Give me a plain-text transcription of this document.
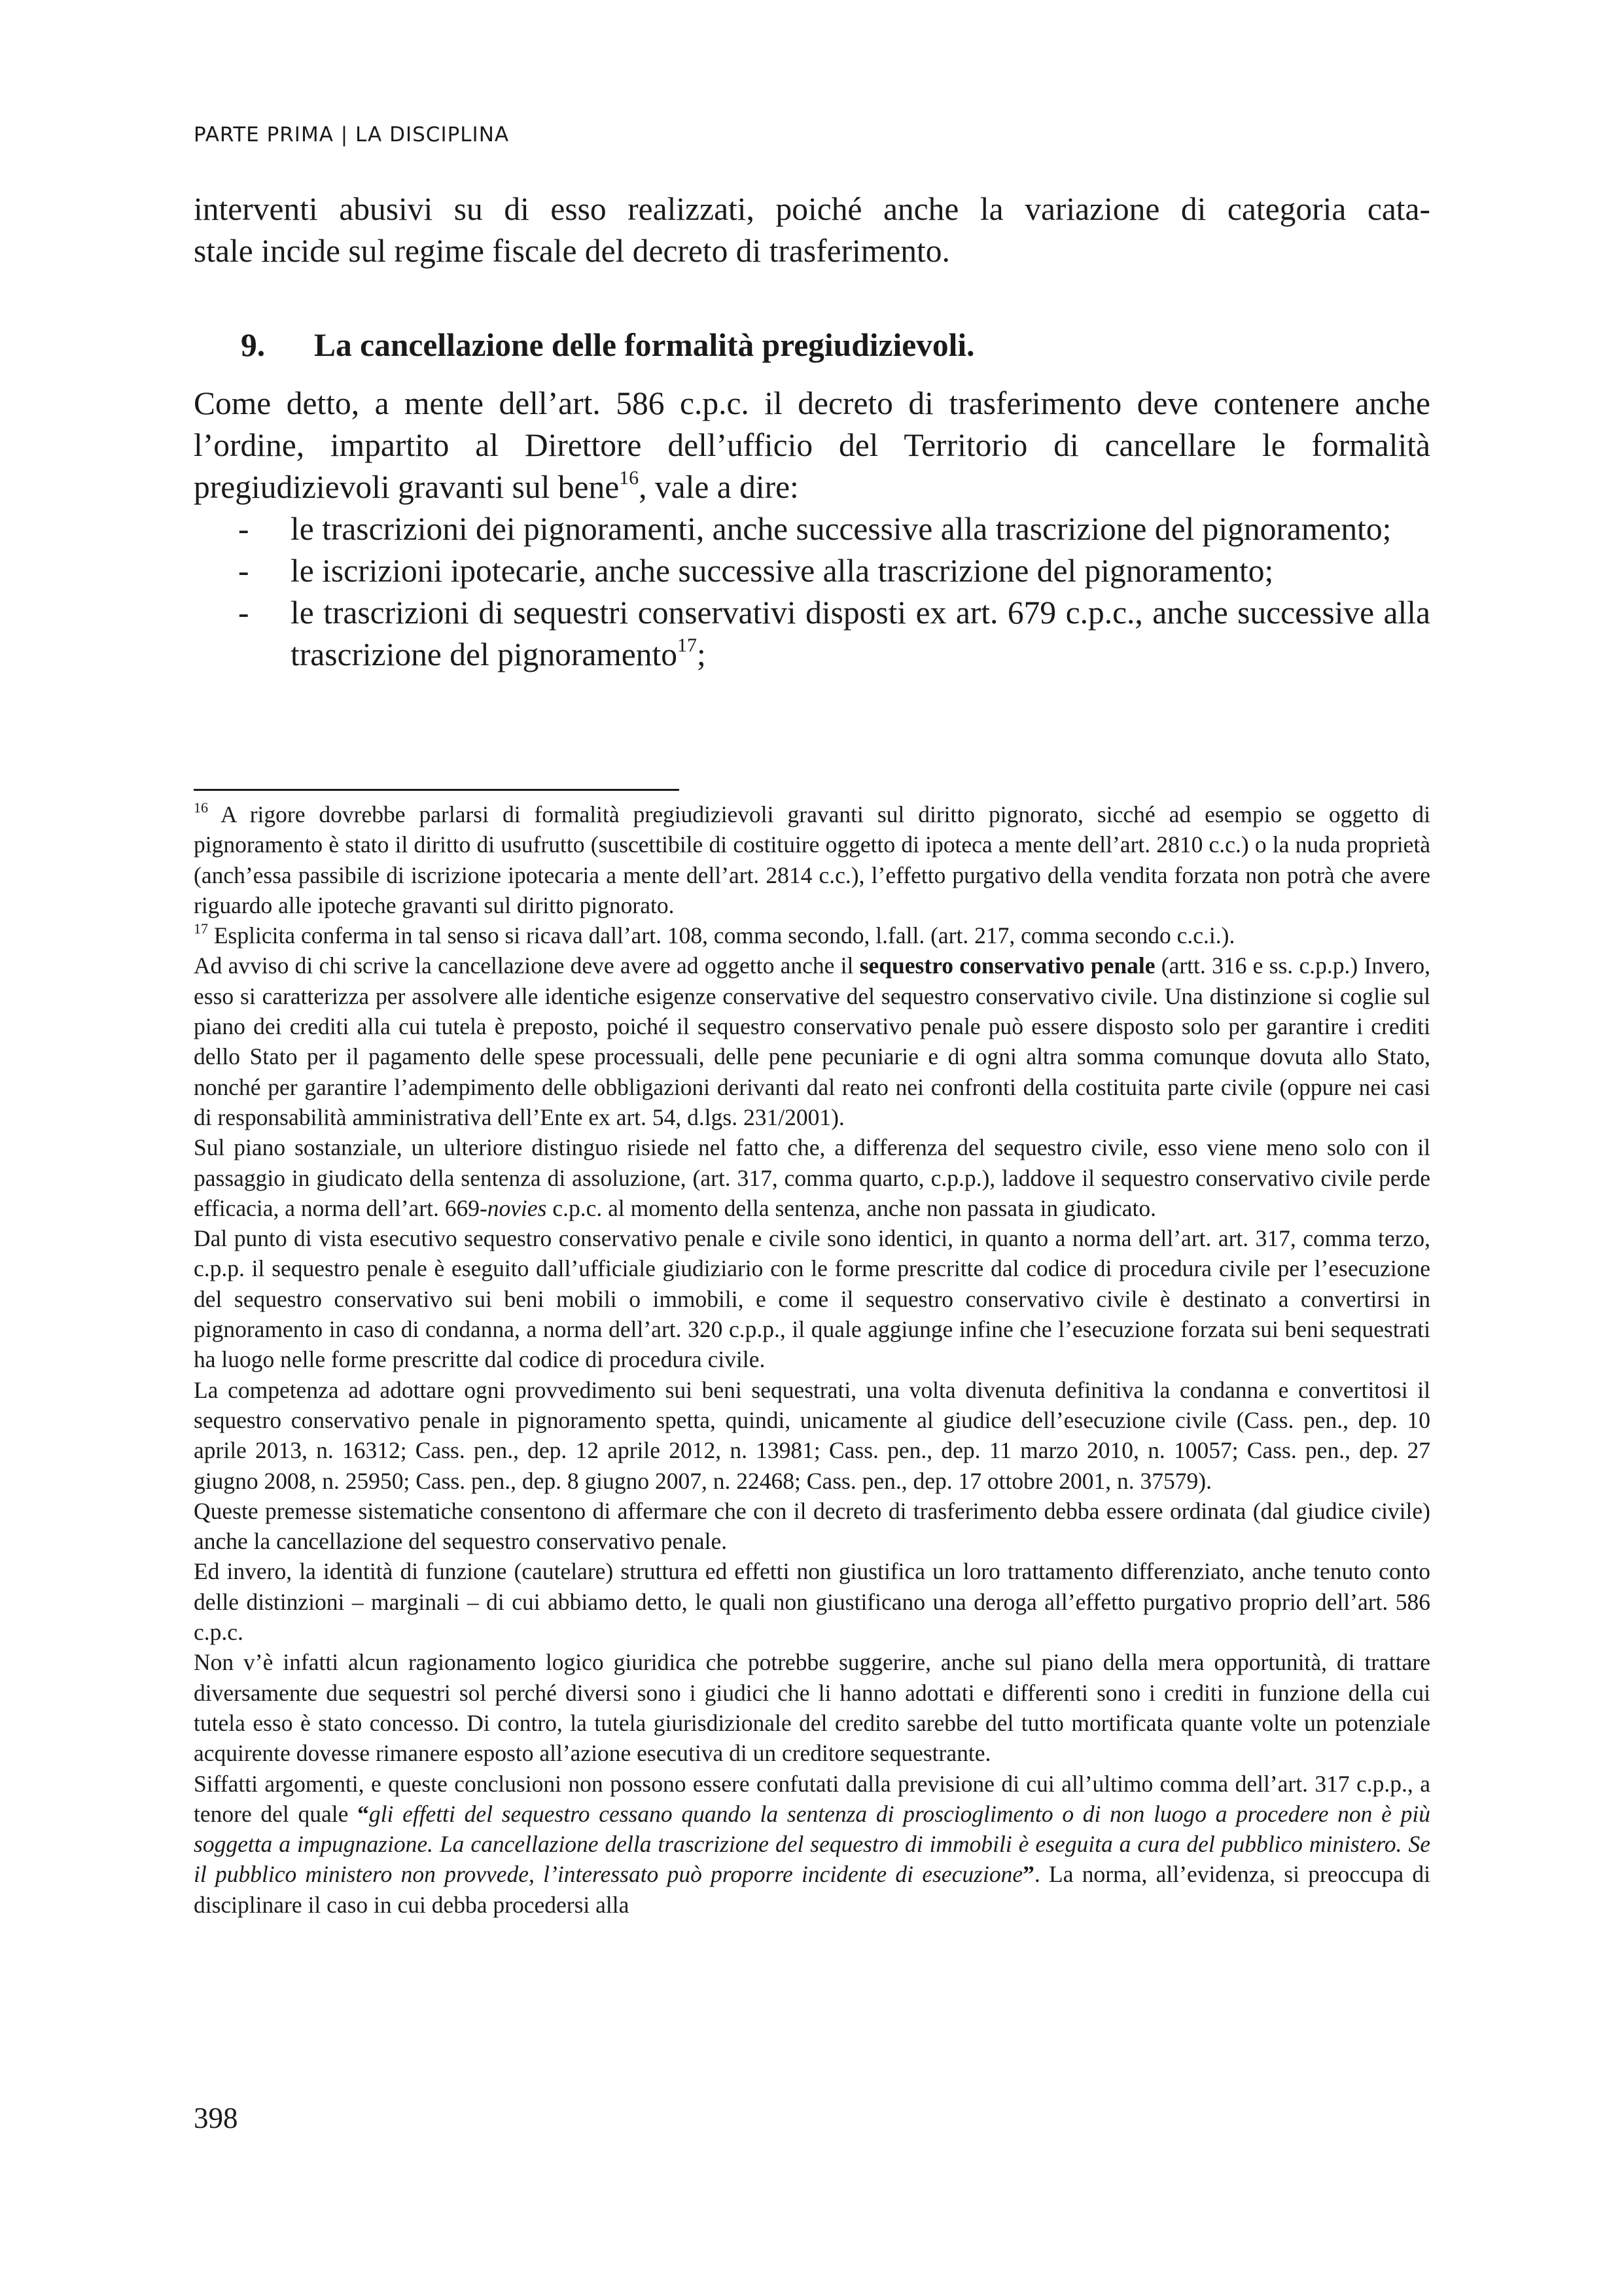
PARTE PRIMA | LA DISCIPLINA

interventi abusivi su di esso realizzati, poiché anche la variazione di categoria cata-

stale incide sul regime fiscale del decreto di trasferimento.

9. La cancellazione delle formalità pregiudizievoli.

Come detto, a mente dell’art. 586 c.p.c. il decreto di trasferimento deve contenere anche l’ordine, impartito al Direttore dell’ufficio del Territorio di cancellare le formalità pregiudizievoli gravanti sul bene$^{16}$, vale a dire:

- le trascrizioni dei pignoramenti, anche successive alla trascrizione del pignoramento;
- le iscrizioni ipotecarie, anche successive alla trascrizione del pignoramento;
- le trascrizioni di sequestri conservativi disposti ex art. 679 c.p.c., anche successive alla trascrizione del pignoramento$^{17}$;

$^{16}$ A rigore dovrebbe parlarsi di formalità pregiudizievoli gravanti sul diritto pignorato, sicché ad esempio se oggetto di pignoramento è stato il diritto di usufrutto (suscettibile di costituire oggetto di ipoteca a mente dell’art. 2810 c.c.) o la nuda proprietà (anch’essa passibile di iscrizione ipotecaria a mente dell’art. 2814 c.c.), l’effetto purgativo della vendita forzata non potrà che avere riguardo alle ipoteche gravanti sul diritto pignorato.

$^{17}$ Esplicita conferma in tal senso si ricava dall’art. 108, comma secondo, l.fall. (art. 217, comma secondo c.c.i.).

Ad avviso di chi scrive la cancellazione deve avere ad oggetto anche il sequestro conservativo penale (artt. 316 e ss. c.p.p.) Invero, esso si caratterizza per assolvere alle identiche esigenze conservative del sequestro conservativo civile. Una distinzione si coglie sul piano dei crediti alla cui tutela è preposto, poiché il sequestro conservativo penale può essere disposto solo per garantire i crediti dello Stato per il pagamento delle spese processuali, delle pene pecuniarie e di ogni altra somma comunque dovuta allo Stato, nonché per garantire l’adempimento delle obbligazioni derivanti dal reato nei confronti della costituita parte civile (oppure nei casi di responsabilità amministrativa dell’Ente ex art. 54, d.lgs. 231/2001).

Sul piano sostanziale, un ulteriore distinguo risiede nel fatto che, a differenza del sequestro civile, esso viene meno solo con il passaggio in giudicato della sentenza di assoluzione, (art. 317, comma quarto, c.p.p.), laddove il sequestro conservativo civile perde efficacia, a norma dell’art. 669-novies c.p.c. al momento della sentenza, anche non passata in giudicato.

Dal punto di vista esecutivo sequestro conservativo penale e civile sono identici, in quanto a norma dell’art. art. 317, comma terzo, c.p.p. il sequestro penale è eseguito dall’ufficiale giudiziario con le forme prescritte dal codice di procedura civile per l’esecuzione del sequestro conservativo sui beni mobili o immobili, e come il sequestro conservativo civile è destinato a convertirsi in pignoramento in caso di condanna, a norma dell’art. 320 c.p.p., il quale aggiunge infine che l’esecuzione forzata sui beni sequestrati ha luogo nelle forme prescritte dal codice di procedura civile.

La competenza ad adottare ogni provvedimento sui beni sequestrati, una volta divenuta definitiva la condanna e convertitosi il sequestro conservativo penale in pignoramento spetta, quindi, unicamente al giudice dell’esecuzione civile (Cass. pen., dep. 10 aprile 2013, n. 16312; Cass. pen., dep. 12 aprile 2012, n. 13981; Cass. pen., dep. 11 marzo 2010, n. 10057; Cass. pen., dep. 27 giugno 2008, n. 25950; Cass. pen., dep. 8 giugno 2007, n. 22468; Cass. pen., dep. 17 ottobre 2001, n. 37579).

Queste premesse sistematiche consentono di affermare che con il decreto di trasferimento debba essere ordinata (dal giudice civile) anche la cancellazione del sequestro conservativo penale.

Ed invero, la identità di funzione (cautelare) struttura ed effetti non giustifica un loro trattamento differenziato, anche tenuto conto delle distinzioni – marginali – di cui abbiamo detto, le quali non giustificano una deroga all’effetto purgativo proprio dell’art. 586 c.p.c.

Non v’è infatti alcun ragionamento logico giuridica che potrebbe suggerire, anche sul piano della mera opportunità, di trattare diversamente due sequestri sol perché diversi sono i giudici che li hanno adottati e differenti sono i crediti in funzione della cui tutela esso è stato concesso. Di contro, la tutela giurisdizionale del credito sarebbe del tutto mortificata quante volte un potenziale acquirente dovesse rimanere esposto all’azione esecutiva di un creditore sequestrante.

Siffatti argomenti, e queste conclusioni non possono essere confutati dalla previsione di cui all’ultimo comma dell’art. 317 c.p.p., a tenore del quale “gli effetti del sequestro cessano quando la sentenza di proscioglimento o di non luogo a procedere non è più soggetta a impugnazione. La cancellazione della trascrizione del sequestro di immobili è eseguita a cura del pubblico ministero. Se il pubblico ministero non provvede, l’interessato può proporre incidente di esecuzione”. La norma, all’evidenza, si preoccupa di disciplinare il caso in cui debba procedersi alla

398
